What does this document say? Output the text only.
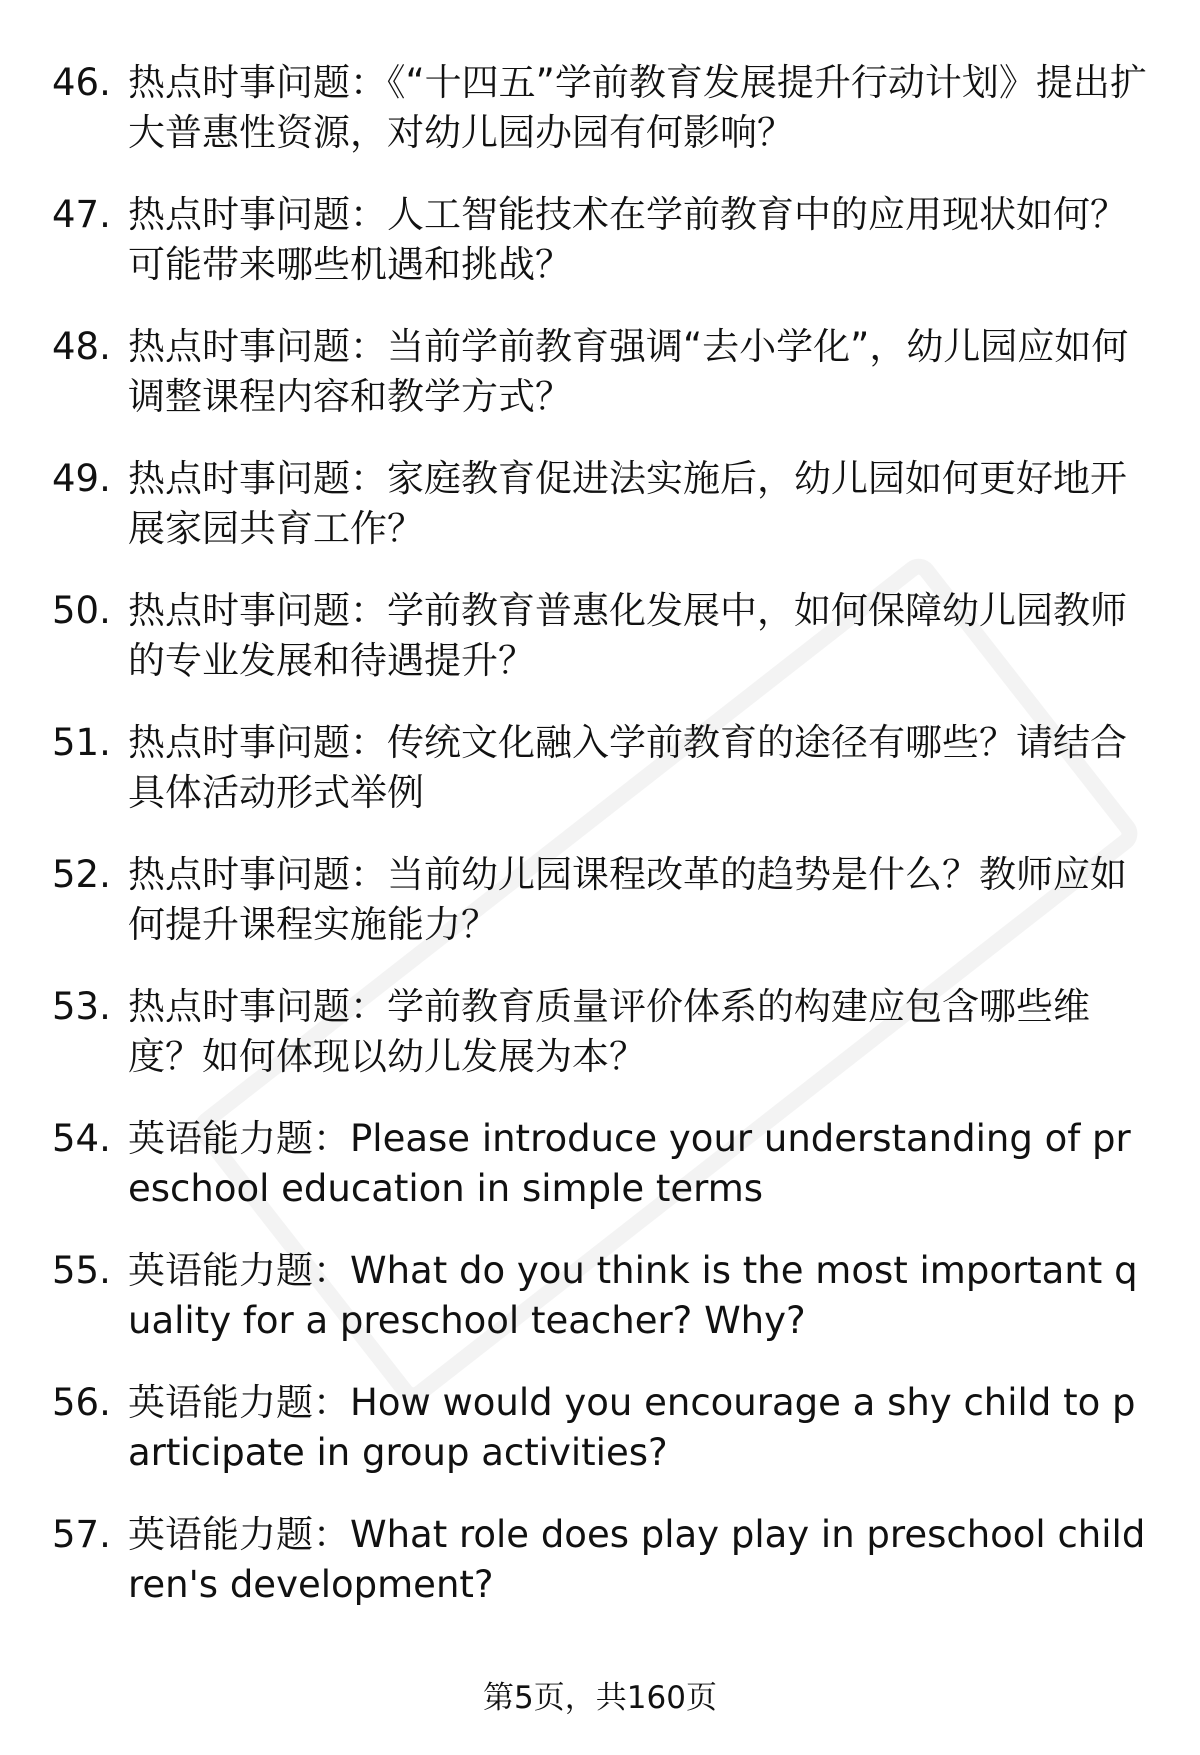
46. 热点时事问题：《“十四五”学前教育发展提升行动计划》提出扩大普惠性资源，对幼儿园办园有何影响？
47. 热点时事问题：人工智能技术在学前教育中的应用现状如何？可能带来哪些机遇和挑战？
48. 热点时事问题：当前学前教育强调“去小学化”，幼儿园应如何调整课程内容和教学方式？
49. 热点时事问题：家庭教育促进法实施后，幼儿园如何更好地开展家园共育工作？
50. 热点时事问题：学前教育普惠化发展中，如何保障幼儿园教师的专业发展和待遇提升？
51. 热点时事问题：传统文化融入学前教育的途径有哪些？请结合具体活动形式举例
52. 热点时事问题：当前幼儿园课程改革的趋势是什么？教师应如何提升课程实施能力？
53. 热点时事问题：学前教育质量评价体系的构建应包含哪些维度？如何体现以幼儿发展为本？
54. 英语能力题：Please introduce your understanding of preschool education in simple terms
55. 英语能力题：What do you think is the most important quality for a preschool teacher? Why?
56. 英语能力题：How would you encourage a shy child to participate in group activities?
57. 英语能力题：What role does play play in preschool children's development?
第5页，共160页
